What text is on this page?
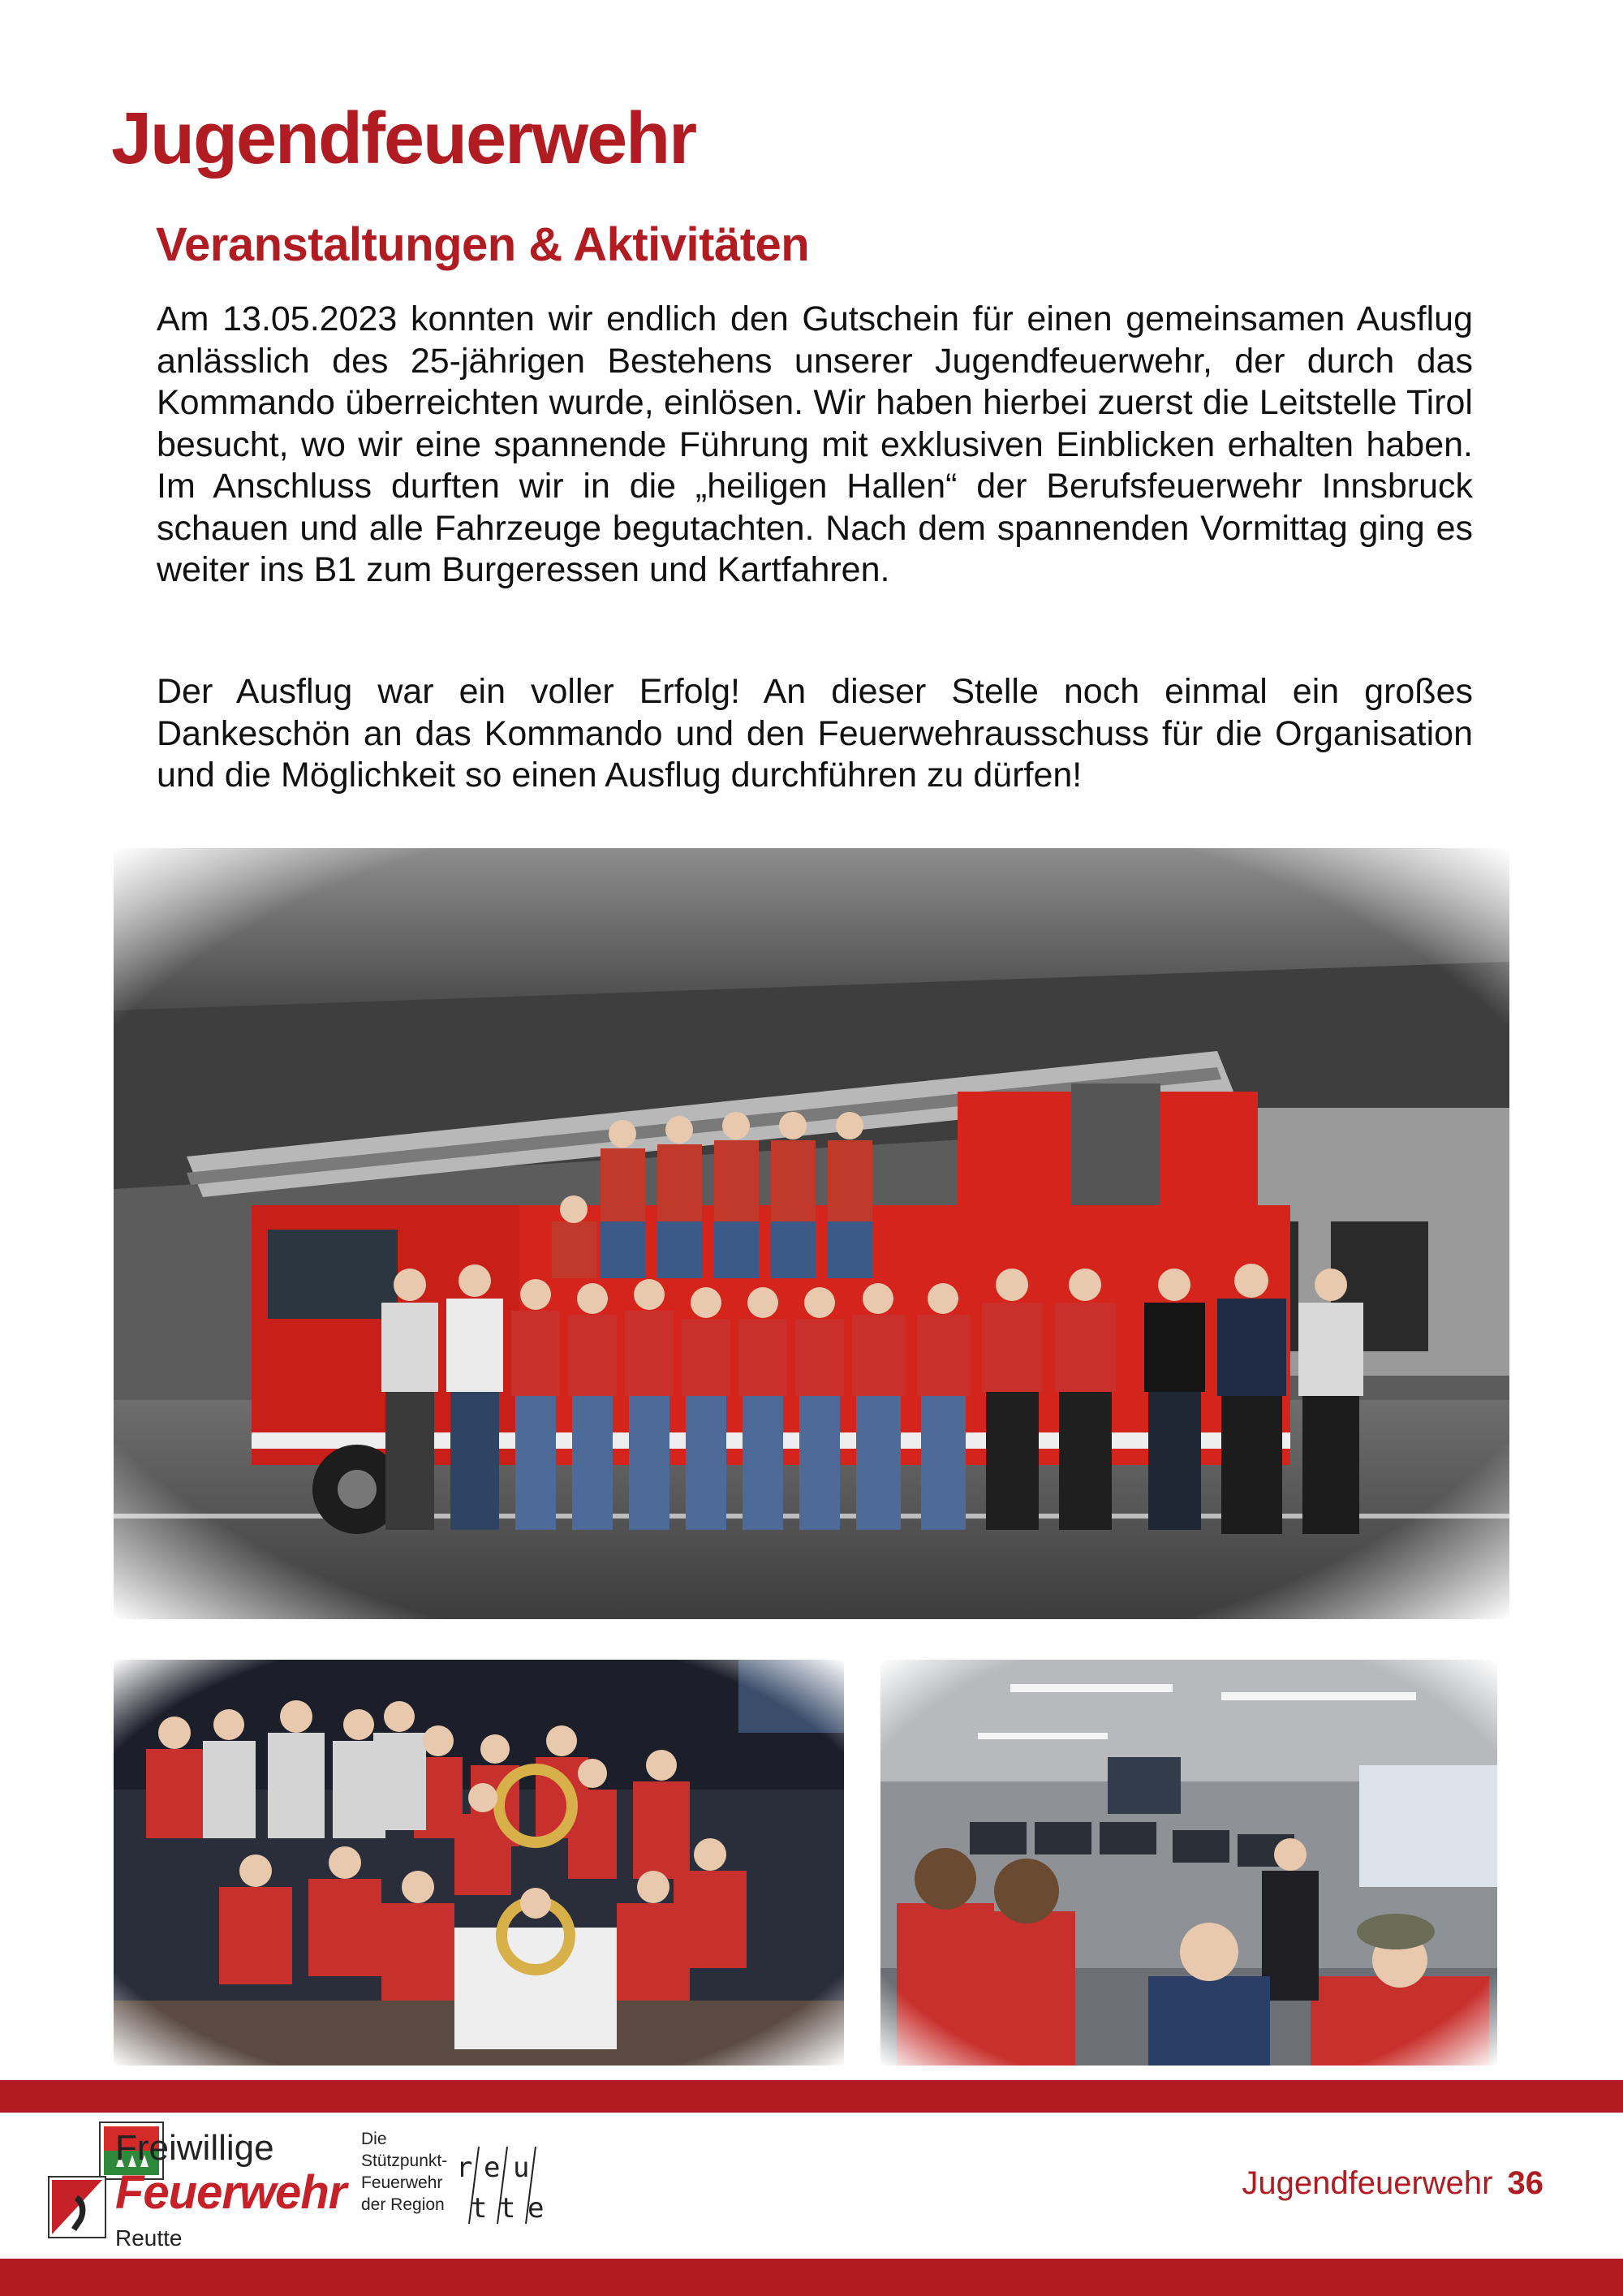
Jugendfeuerwehr
Veranstaltungen & Aktivitäten

Am 13.05.2023 konnten wir endlich den Gutschein für einen gemeinsamen Ausflug anlässlich des 25-jährigen Bestehens unserer Jugendfeuerwehr, der durch das Kommando überreichten wurde, einlösen. Wir haben hierbei zuerst die Leitstelle Tirol besucht, wo wir eine spannende Führung mit exklusiven Einblicken erhalten haben. Im Anschluss durften wir in die „heiligen Hallen“ der Berufsfeuerwehr Innsbruck schauen und alle Fahrzeuge begutachten. Nach dem spannenden Vormittag ging es weiter ins B1 zum Burgeressen und Kartfahren.

Der Ausflug war ein voller Erfolg! An dieser Stelle noch einmal ein großes Dankeschön an das Kommando und den Feuerwehrausschuss für die Organisation und die Möglichkeit so einen Ausflug durchführen zu dürfen!

Freiwillige
Feuerwehr
Reutte
Die
Stützpunkt-
Feuerwehr
der Region
r e u
t t e
Jugendfeuerwehr 36
